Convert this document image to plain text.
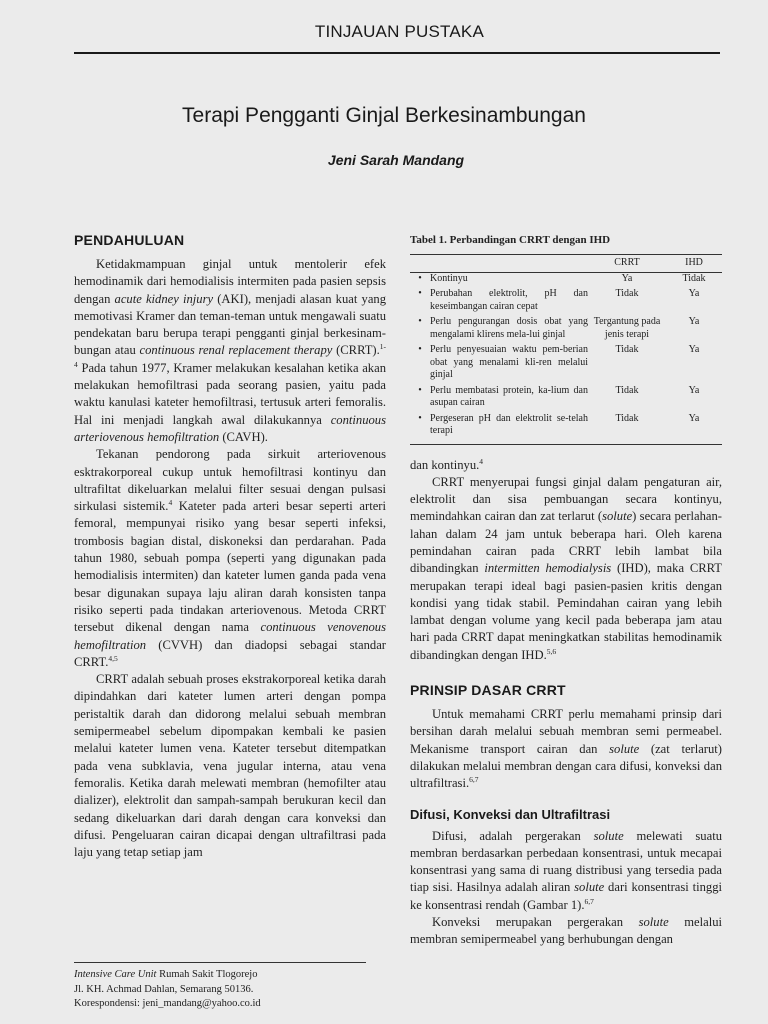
TINJAUAN PUSTAKA
Terapi Pengganti Ginjal Berkesinambungan
Jeni Sarah Mandang
PENDAHULUAN

Ketidakmampuan ginjal untuk mentolerir efek hemodinamik dari hemodialisis intermiten pada pasien sepsis dengan acute kidney injury (AKI), menjadi alasan kuat yang memotivasi Kramer dan teman-teman untuk mengawali suatu pendekatan baru berupa terapi pengganti ginjal berkesinam-bungan atau continuous renal replacement therapy (CRRT).$^{1-4}$ Pada tahun 1977, Kramer melakukan kesalahan ketika akan melakukan hemofiltrasi pada seorang pasien, yaitu pada waktu kanulasi kateter hemofiltrasi, tertusuk arteri femoralis. Hal ini menjadi langkah awal dilakukannya continuous arteriovenous hemofiltration (CAVH).

Tekanan pendorong pada sirkuit arteriovenous esktrakorporeal cukup untuk hemofiltrasi kontinyu dan ultrafiltat dikeluarkan melalui filter sesuai dengan pulsasi sirkulasi sistemik.$^4$ Kateter pada arteri besar seperti arteri femoral, mempunyai risiko yang besar seperti infeksi, trombosis bagian distal, diskoneksi dan perdarahan. Pada tahun 1980, sebuah pompa (seperti yang digunakan pada hemodialisis intermiten) dan kateter lumen ganda pada vena besar digunakan supaya laju aliran darah konsisten tanpa risiko seperti pada tindakan arteriovenous. Metoda CRRT tersebut dikenal dengan nama continuous venovenous hemofiltration (CVVH) dan diadopsi sebagai standar CRRT.$^{4,5}$

CRRT adalah sebuah proses ekstrakorporeal ketika darah dipindahkan dari kateter lumen arteri dengan pompa peristaltik darah dan didorong melalui sebuah membran semipermeabel sebelum dipompakan kembali ke pasien melalui kateter lumen vena. Kateter tersebut ditempatkan pada vena subklavia, vena jugular interna, atau vena femoralis. Ketika darah melewati membran (hemofilter atau dializer), elektrolit dan sampah-sampah berukuran kecil dan sedang dikeluarkan dari darah dengan cara konveksi dan difusi. Pengeluaran cairan dicapai dengan ultrafiltrasi pada laju yang tetap setiap jam

Tabel 1. Perbandingan CRRT dengan IHD
	CRRT	IHD

• Kontinyu	Ya	Tidak

• Perubahan elektrolit, pH dan keseimbangan cairan cepat	Tidak	Ya

• Perlu pengurangan dosis obat yang mengalami klirens mela-lui ginjal	Tergantung pada jenis terapi	Ya

• Perlu penyesuaian waktu pem-berian obat yang menalami kli-ren melalui ginjal	Tidak	Ya

• Perlu membatasi protein, ka-lium dan asupan cairan	Tidak	Ya

• Pergeseran pH dan elektrolit se-telah terapi	Tidak	Ya

dan kontinyu.$^4$

CRRT menyerupai fungsi ginjal dalam pengaturan air, elektrolit dan sisa pembuangan secara kontinyu, memindahkan cairan dan zat terlarut (solute) secara perlahan-lahan dalam 24 jam untuk beberapa hari. Oleh karena pemindahan cairan pada CRRT lebih lambat bila dibandingkan intermitten hemodialysis (IHD), maka CRRT merupakan terapi ideal bagi pasien-pasien kritis dengan kondisi yang tidak stabil. Pemindahan cairan yang lebih lambat dengan volume yang kecil pada beberapa jam atau hari pada CRRT dapat meningkatkan stabilitas hemodinamik dibandingkan dengan IHD.$^{5,6}$

PRINSIP DASAR CRRT

Untuk memahami CRRT perlu memahami prinsip dari bersihan darah melalui sebuah membran semi permeabel. Mekanisme transport cairan dan solute (zat terlarut) dilakukan melalui membran dengan cara difusi, konveksi dan ultrafiltrasi.$^{6,7}$

Difusi, Konveksi dan Ultrafiltrasi

Difusi, adalah pergerakan solute melewati suatu membran berdasarkan perbedaan konsentrasi, untuk mecapai konsentrasi yang sama di ruang distribusi yang tersedia pada tiap sisi. Hasilnya adalah aliran solute dari konsentrasi tinggi ke konsentrasi rendah (Gambar 1).$^{6,7}$

Konveksi merupakan pergerakan solute melalui membran semipermeabel yang berhubungan dengan

Intensive Care Unit Rumah Sakit Tlogorejo
Jl. KH. Achmad Dahlan, Semarang 50136.
Korespondensi: jeni_mandang@yahoo.co.id
